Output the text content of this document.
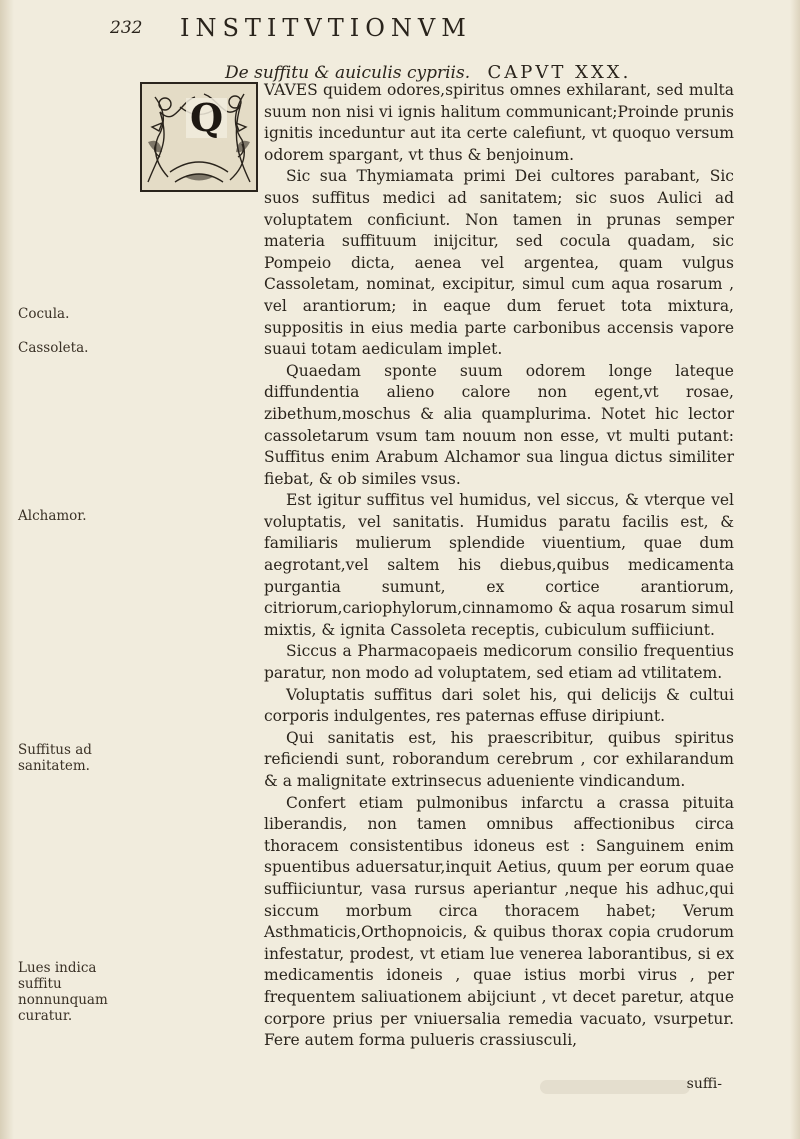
232 INSTITVTIONVM
De suffitu & auiculis cypriis. CAPVT XXX.
Q

VAVES quidem odores,spiritus omnes exhilarant, sed multa suum non nisi vi ignis halitum communicant;Proinde prunis ignitis inceduntur aut ita certe calefiunt, vt quoquo versum odorem spargant, vt thus & benjoinum.

Sic sua Thymiamata primi Dei cultores parabant, Sic suos suffitus medici ad sanitatem; sic suos Aulici ad voluptatem conficiunt. Non tamen in prunas semper materia suffituum inijcitur, sed cocula quadam, sic Pompeio dicta, aenea vel argentea, quam vulgus Cassoletam, nominat, excipitur, simul cum aqua rosarum , vel arantiorum; in eaque dum feruet tota mixtura, suppositis in eius media parte carbonibus accensis vapore suaui totam aediculam implet.

Quaedam sponte suum odorem longe lateque diffundentia alieno calore non egent,vt rosae, zibethum,moschus & alia quamplurima. Notet hic lector cassoletarum vsum tam nouum non esse, vt multi putant: Suffitus enim Arabum Alchamor sua lingua dictus similiter fiebat, & ob similes vsus.

Est igitur suffitus vel humidus, vel siccus, & vterque vel voluptatis, vel sanitatis. Humidus paratu facilis est, & familiaris mulierum splendide viuentium, quae dum aegrotant,vel saltem his diebus,quibus medicamenta purgantia sumunt, ex cortice arantiorum, citriorum,cariophylorum,cinnamomo & aqua rosarum simul mixtis, & ignita Cassoleta receptis, cubiculum suffiiciunt.

Siccus a Pharmacopaeis medicorum consilio frequentius paratur, non modo ad voluptatem, sed etiam ad vtilitatem.

Voluptatis suffitus dari solet his, qui delicijs & cultui corporis indulgentes, res paternas effuse diripiunt.

Qui sanitatis est, his praescribitur, quibus spiritus reficiendi sunt, roborandum cerebrum , cor exhilarandum & a malignitate extrinsecus adueniente vindicandum.

Confert etiam pulmonibus infarctu a crassa pituita liberandis, non tamen omnibus affectionibus circa thoracem consistentibus idoneus est : Sanguinem enim spuentibus aduersatur,inquit Aetius, quum per eorum quae suffiiciuntur, vasa rursus aperiantur ,neque his adhuc,qui siccum morbum circa thoracem habet; Verum Asthmaticis,Orthopnoicis, & quibus thorax copia crudorum infestatur, prodest, vt etiam lue venerea laborantibus, si ex medicamentis idoneis , quae istius morbi virus , per frequentem saliuationem abijciunt , vt decet paretur, atque corpore prius per vniuersalia remedia vacuato, vsurpetur. Fere autem forma pulueris crassiusculi,

Cocula.
Cassoleta.
Alchamor.
Suffitus ad sanitatem.
Lues indica suffitu nonnunquam curatur.
suffi-
